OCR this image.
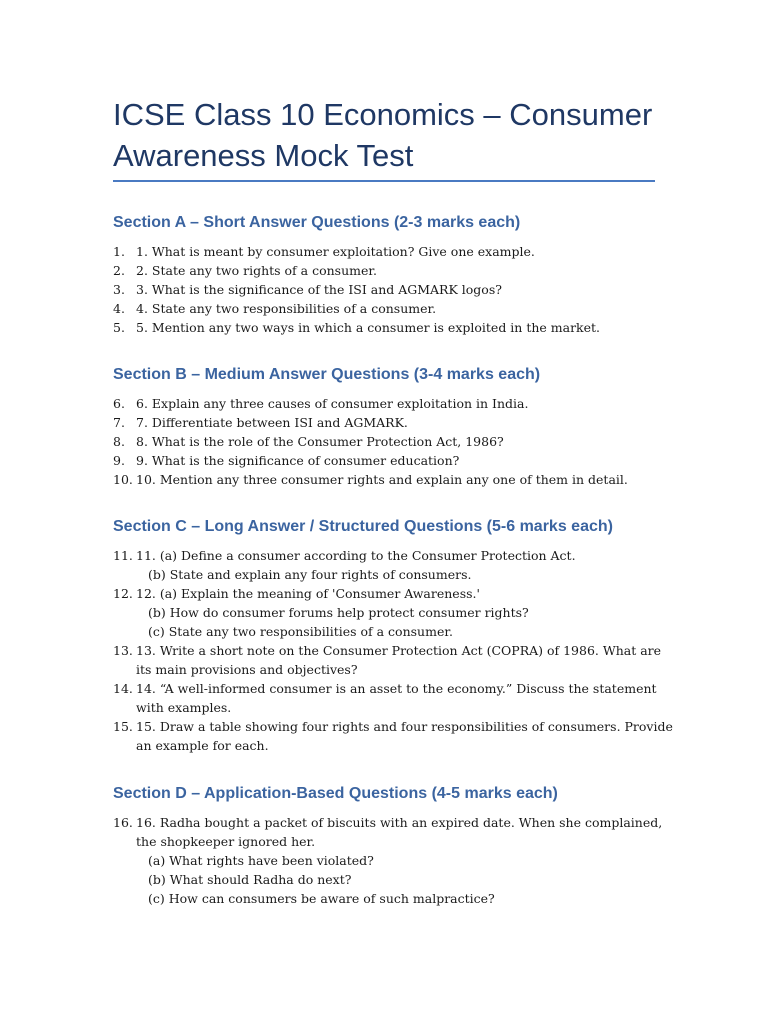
ICSE Class 10 Economics – Consumer Awareness Mock Test
Section A – Short Answer Questions (2-3 marks each)
1. 1. What is meant by consumer exploitation? Give one example.
2. 2. State any two rights of a consumer.
3. 3. What is the significance of the ISI and AGMARK logos?
4. 4. State any two responsibilities of a consumer.
5. 5. Mention any two ways in which a consumer is exploited in the market.
Section B – Medium Answer Questions (3-4 marks each)
6. 6. Explain any three causes of consumer exploitation in India.
7. 7. Differentiate between ISI and AGMARK.
8. 8. What is the role of the Consumer Protection Act, 1986?
9. 9. What is the significance of consumer education?
10. 10. Mention any three consumer rights and explain any one of them in detail.
Section C – Long Answer / Structured Questions (5-6 marks each)
11. 11. (a) Define a consumer according to the Consumer Protection Act.
(b) State and explain any four rights of consumers.
12. 12. (a) Explain the meaning of 'Consumer Awareness.'
(b) How do consumer forums help protect consumer rights?
(c) State any two responsibilities of a consumer.
13. 13. Write a short note on the Consumer Protection Act (COPRA) of 1986. What are its main provisions and objectives?
14. 14. “A well-informed consumer is an asset to the economy.” Discuss the statement with examples.
15. 15. Draw a table showing four rights and four responsibilities of consumers. Provide an example for each.
Section D – Application-Based Questions (4-5 marks each)
16. 16. Radha bought a packet of biscuits with an expired date. When she complained, the shopkeeper ignored her.
(a) What rights have been violated?
(b) What should Radha do next?
(c) How can consumers be aware of such malpractice?
